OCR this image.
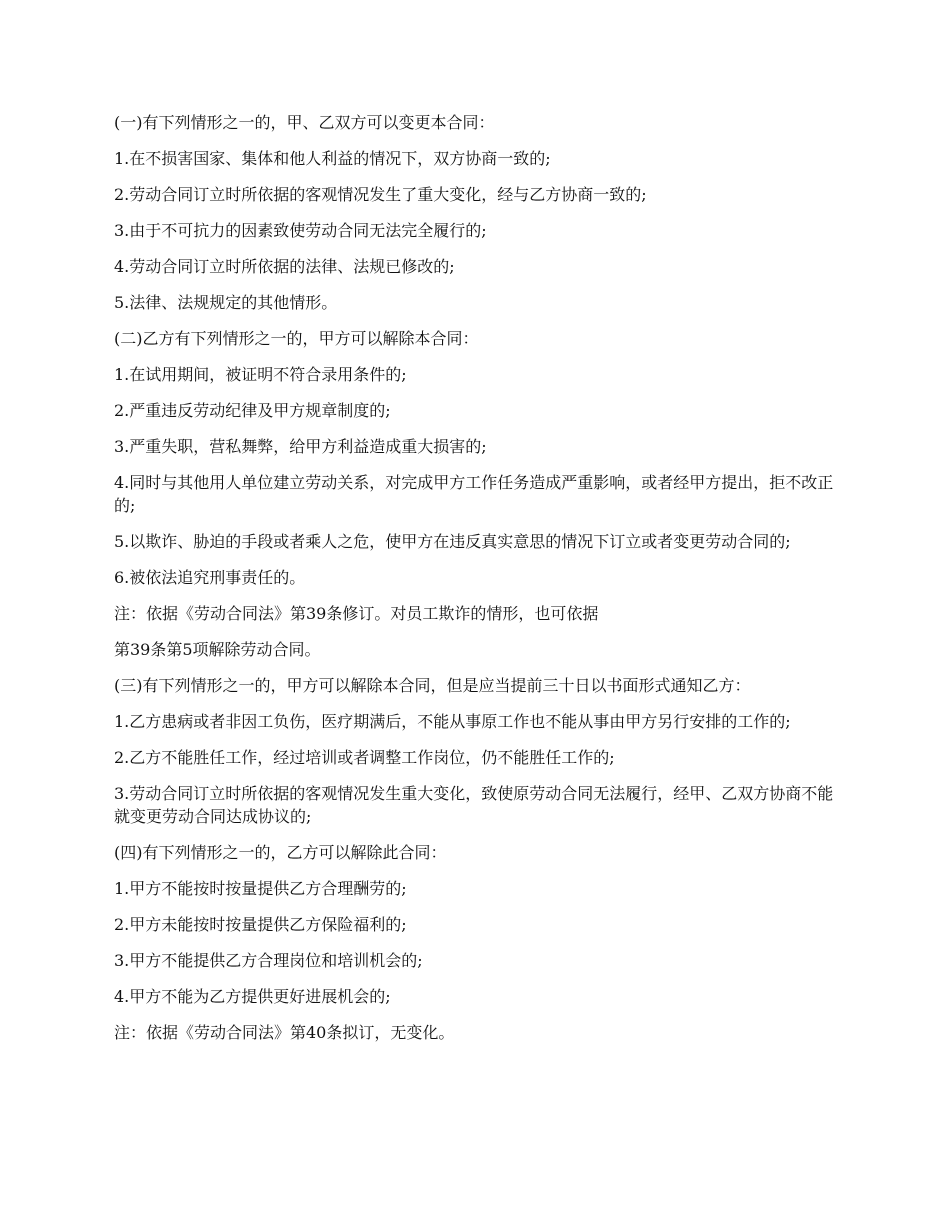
(一)有下列情形之一的，甲、乙双方可以变更本合同：

1.在不损害国家、集体和他人利益的情况下，双方协商一致的;

2.劳动合同订立时所依据的客观情况发生了重大变化，经与乙方协商一致的;

3.由于不可抗力的因素致使劳动合同无法完全履行的;

4.劳动合同订立时所依据的法律、法规已修改的;

5.法律、法规规定的其他情形。

(二)乙方有下列情形之一的，甲方可以解除本合同：

1.在试用期间，被证明不符合录用条件的;

2.严重违反劳动纪律及甲方规章制度的;

3.严重失职，营私舞弊，给甲方利益造成重大损害的;

4.同时与其他用人单位建立劳动关系，对完成甲方工作任务造成严重影响，或者经甲方提出，拒不改正的;

5.以欺诈、胁迫的手段或者乘人之危，使甲方在违反真实意思的情况下订立或者变更劳动合同的;

6.被依法追究刑事责任的。

注：依据《劳动合同法》第39条修订。对员工欺诈的情形，也可依据

第39条第5项解除劳动合同。

(三)有下列情形之一的，甲方可以解除本合同，但是应当提前三十日以书面形式通知乙方：

1.乙方患病或者非因工负伤，医疗期满后，不能从事原工作也不能从事由甲方另行安排的工作的;

2.乙方不能胜任工作，经过培训或者调整工作岗位，仍不能胜任工作的;

3.劳动合同订立时所依据的客观情况发生重大变化，致使原劳动合同无法履行，经甲、乙双方协商不能就变更劳动合同达成协议的;

(四)有下列情形之一的，乙方可以解除此合同：

1.甲方不能按时按量提供乙方合理酬劳的;

2.甲方未能按时按量提供乙方保险福利的;

3.甲方不能提供乙方合理岗位和培训机会的;

4.甲方不能为乙方提供更好进展机会的;

注：依据《劳动合同法》第40条拟订，无变化。
